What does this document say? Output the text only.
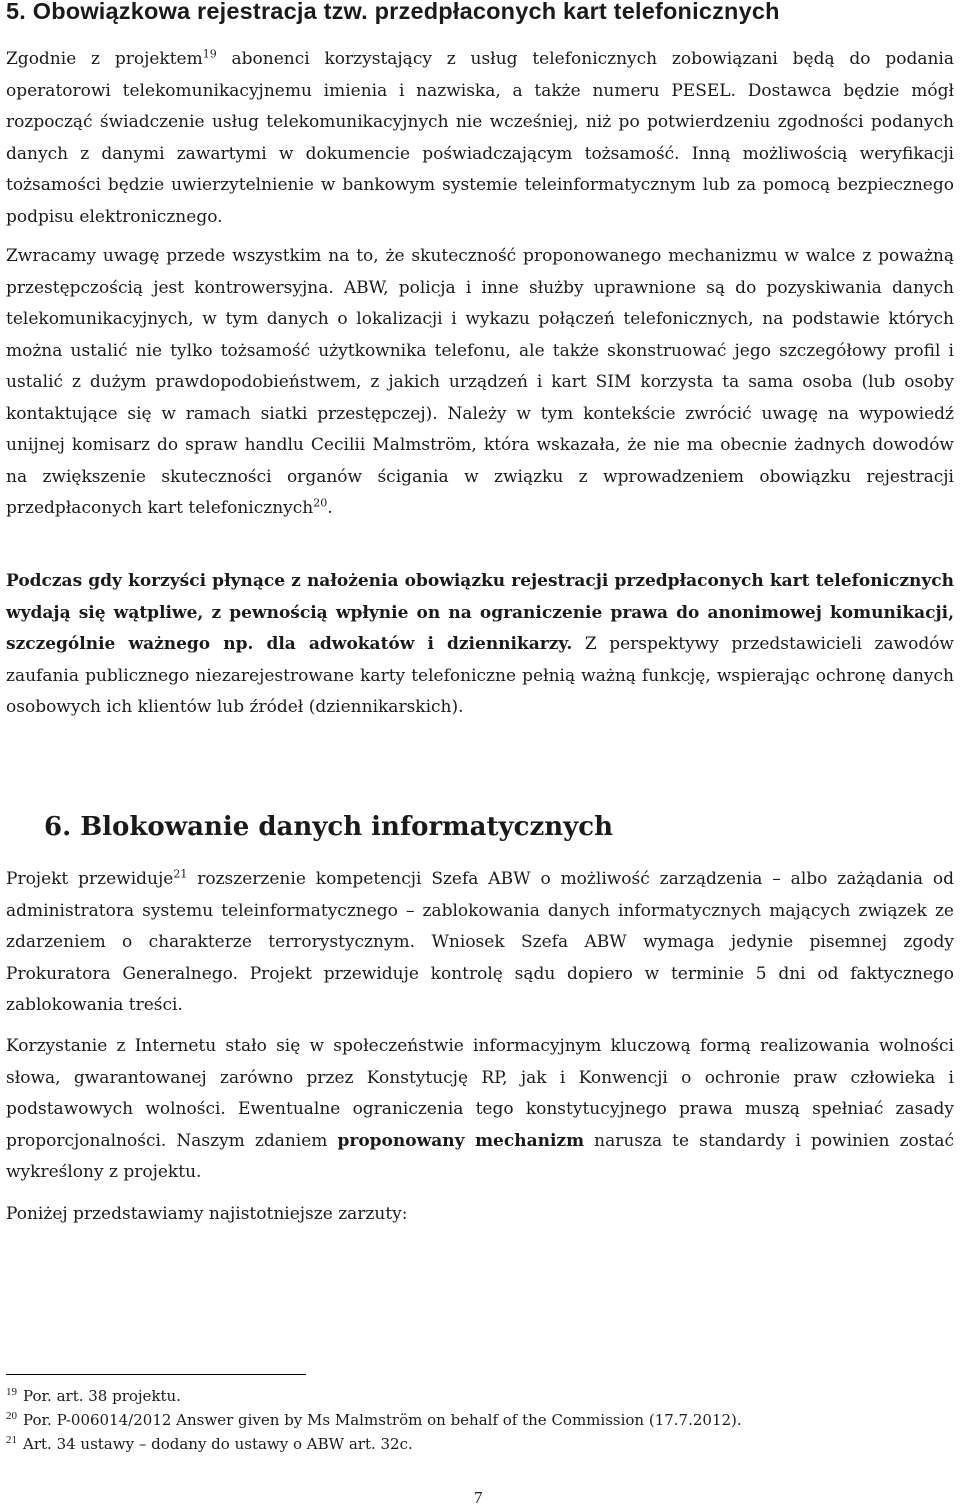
5. Obowiązkowa rejestracja tzw. przedpłaconych kart telefonicznych
Zgodnie z projektem$^{19}$ abonenci korzystający z usług telefonicznych zobowiązani będą do podania operatorowi telekomunikacyjnemu imienia i nazwiska, a także numeru PESEL. Dostawca będzie mógł rozpocząć świadczenie usług telekomunikacyjnych nie wcześniej, niż po potwierdzeniu zgodności podanych danych z danymi zawartymi w dokumencie poświadczającym tożsamość. Inną możliwością weryfikacji tożsamości będzie uwierzytelnienie w bankowym systemie teleinformatycznym lub za pomocą bezpiecznego podpisu elektronicznego.
Zwracamy uwagę przede wszystkim na to, że skuteczność proponowanego mechanizmu w walce z poważną przestępczością jest kontrowersyjna. ABW, policja i inne służby uprawnione są do pozyskiwania danych telekomunikacyjnych, w tym danych o lokalizacji i wykazu połączeń telefonicznych, na podstawie których można ustalić nie tylko tożsamość użytkownika telefonu, ale także skonstruować jego szczegółowy profil i ustalić z dużym prawdopodobieństwem, z jakich urządzeń i kart SIM korzysta ta sama osoba (lub osoby kontaktujące się w ramach siatki przestępczej). Należy w tym kontekście zwrócić uwagę na wypowiedź unijnej komisarz do spraw handlu Cecilii Malmström, która wskazała, że nie ma obecnie żadnych dowodów na zwiększenie skuteczności organów ścigania w związku z wprowadzeniem obowiązku rejestracji przedpłaconych kart telefonicznych$^{20}$.
Podczas gdy korzyści płynące z nałożenia obowiązku rejestracji przedpłaconych kart telefonicznych wydają się wątpliwe, z pewnością wpłynie on na ograniczenie prawa do anonimowej komunikacji, szczególnie ważnego np. dla adwokatów i dziennikarzy. Z perspektywy przedstawicieli zawodów zaufania publicznego niezarejestrowane karty telefoniczne pełnią ważną funkcję, wspierając ochronę danych osobowych ich klientów lub źródeł (dziennikarskich).
6. Blokowanie danych informatycznych
Projekt przewiduje$^{21}$ rozszerzenie kompetencji Szefa ABW o możliwość zarządzenia – albo zażądania od administratora systemu teleinformatycznego – zablokowania danych informatycznych mających związek ze zdarzeniem o charakterze terrorystycznym. Wniosek Szefa ABW wymaga jedynie pisemnej zgody Prokuratora Generalnego. Projekt przewiduje kontrolę sądu dopiero w terminie 5 dni od faktycznego zablokowania treści.
Korzystanie z Internetu stało się w społeczeństwie informacyjnym kluczową formą realizowania wolności słowa, gwarantowanej zarówno przez Konstytucję RP, jak i Konwencji o ochronie praw człowieka i podstawowych wolności. Ewentualne ograniczenia tego konstytucyjnego prawa muszą spełniać zasady proporcjonalności. Naszym zdaniem proponowany mechanizm narusza te standardy i powinien zostać wykreślony z projektu.
Poniżej przedstawiamy najistotniejsze zarzuty:
$^{19}$ Por. art. 38 projektu.
$^{20}$ Por. P-006014/2012 Answer given by Ms Malmström on behalf of the Commission (17.7.2012).
$^{21}$ Art. 34 ustawy – dodany do ustawy o ABW art. 32c.
7
